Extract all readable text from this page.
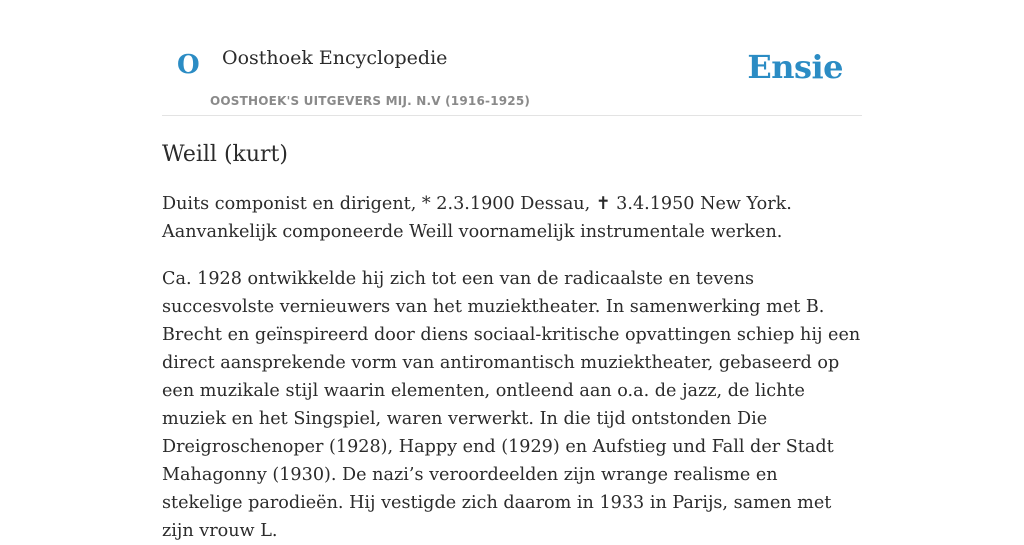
O Oosthoek Encyclopedie
OOSTHOEK'S UITGEVERS MIJ. N.V (1916-1925)
Ensie
Weill (kurt)

Duits componist en dirigent, * 2.3.1900 Dessau, ✝ 3.4.1950 New York. Aanvankelijk componeerde Weill voornamelijk instrumentale werken.

Ca. 1928 ontwikkelde hij zich tot een van de radicaalste en tevens succesvolste vernieuwers van het muziektheater. In samenwerking met B. Brecht en geïnspireerd door diens sociaal-kritische opvattingen schiep hij een direct aansprekende vorm van antiromantisch muziektheater, gebaseerd op een muzikale stijl waarin elementen, ontleend aan o.a. de jazz, de lichte muziek en het Singspiel, waren verwerkt. In die tijd ontstonden Die Dreigroschenoper (1928), Happy end (1929) en Aufstieg und Fall der Stadt Mahagonny (1930). De nazi’s veroordeelden zijn wrange realisme en stekelige parodieën. Hij vestigde zich daarom in 1933 in Parijs, samen met zijn vrouw L.
